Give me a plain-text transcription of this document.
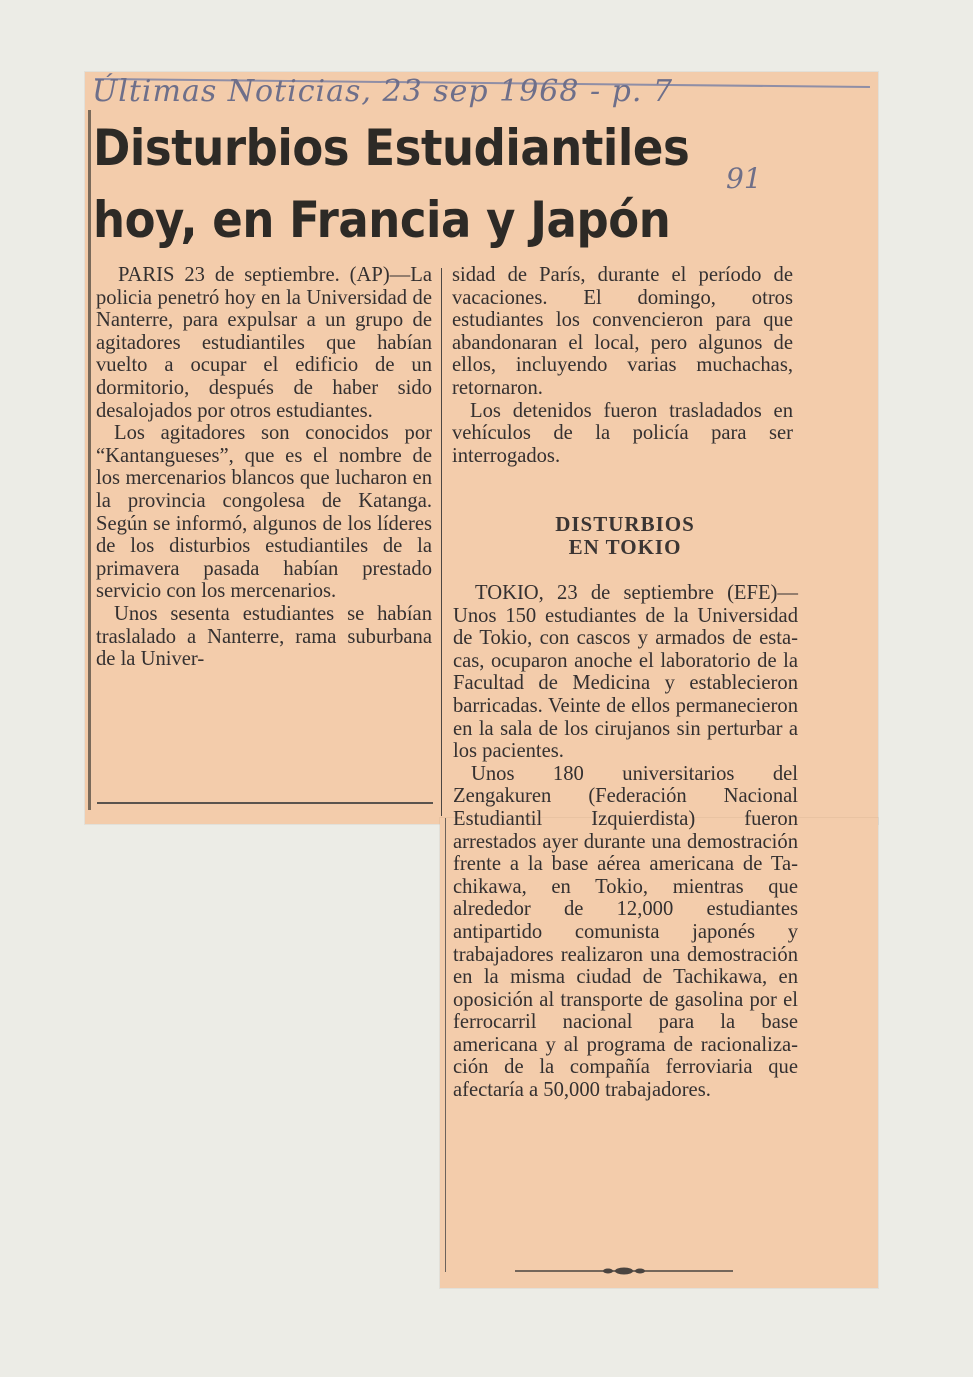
Últimas Noticias, 23 sep 1968 - p. 7
91
Disturbios Estudiantiles
hoy, en Francia y Japón

PARIS 23 de septiembre. (AP)—La policia penetró hoy en la Universidad de Nanterre, para expulsar a un grupo de agitadores estudiantiles que habían vuelto a ocupar el edificio de un dormitorio, después de haber sido desalojados por otros estudiantes.

Los agitadores son conocidos por “Kantangueses”, que es el nombre de los mercenarios blancos que lucharon en la provincia congolesa de Katanga. Según se informó, algunos de los líderes de los disturbios estudiantiles de la primavera pasada habían prestado servicio con los mercenarios.

Unos sesenta estudiantes se habían traslalado a Nanterre, rama suburbana de la Univer-

sidad de París, durante el período de vacaciones. El domingo, otros estudiantes los convencieron para que abandonaran el local, pero algunos de ellos, incluyendo varias muchachas, retornaron.

Los detenidos fueron trasladados en vehículos de la policía para ser interrogados.

DISTURBIOS
EN TOKIO

TOKIO, 23 de septiembre (EFE)—Unos 150 estudiantes de la Universidad de Tokio, con cascos y armados de estacas, ocuparon anoche el laboratorio de la Facultad de Medicina y establecieron barricadas. Veinte de ellos permanecieron en la sala de los cirujanos sin perturbar a los pacientes.

Unos 180 universitarios del Zengakuren (Federación Nacional Estudiantil Izquierdista) fueron arrestados ayer durante una demostración frente a la base aérea americana de Tachikawa, en Tokio, mientras que alrededor de 12,000 estudiantes antipartido comunista japonés y trabajadores realizaron una demostración en la misma ciudad de Tachikawa, en oposición al transporte de gasolina por el ferrocarril nacional para la base americana y al programa de racionalización de la compañía ferroviaria que afectaría a 50,000 trabajadores.
